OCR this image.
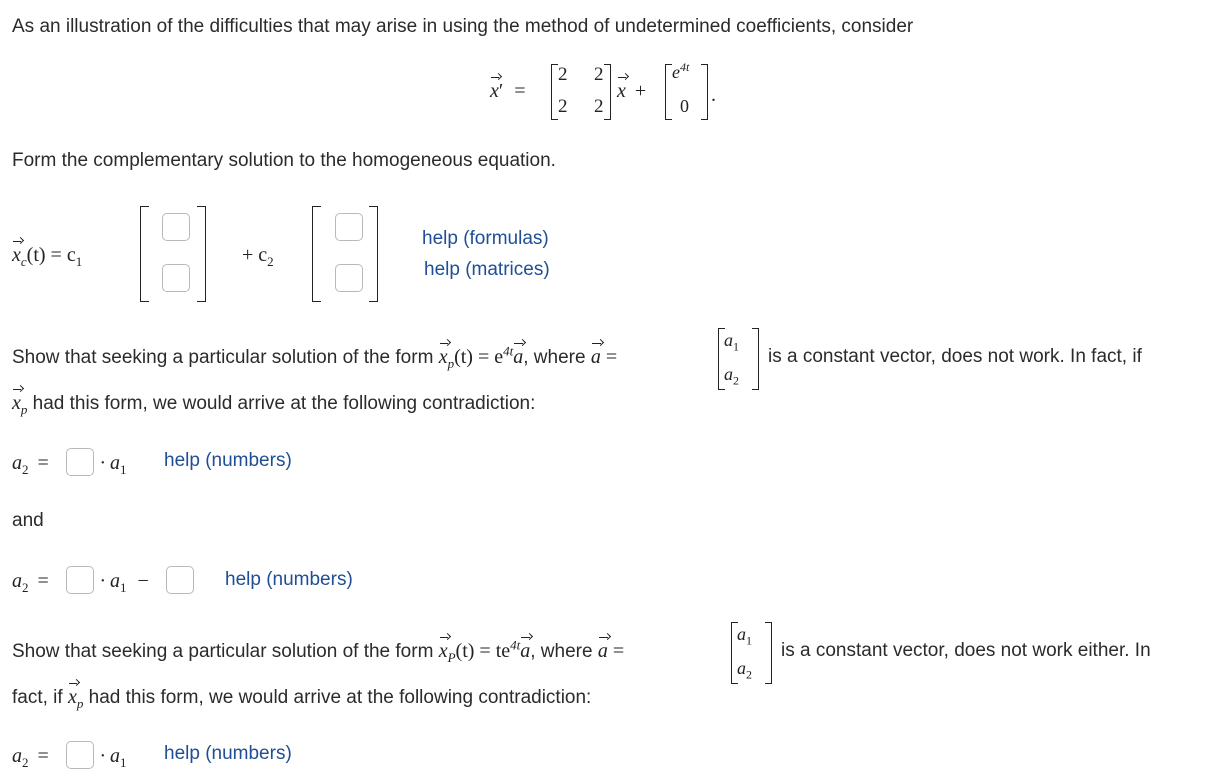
As an illustration of the difficulties that may arise in using the method of undetermined coefficients, consider
x′ =
2 2
2 2
x +
$e^{4t}$
0 .
Form the complementary solution to the homogeneous equation.
$x_c(t) = c_1$	+ $c_2$
help (formulas)
help (matrices)
Show that seeking a particular solution of the form $x_p(t) = e^{4t}a$, where a =
$a_1$
$a_2$
is a constant vector, does not work. In fact, if
$x_p$ had this form, we would arrive at the following contradiction:
$a_2$ =	· $a_1$ help (numbers)
and
$a_2$ =	· $a_1$ −	help (numbers)
Show that seeking a particular solution of the form $x_P(t) = te^{4t}a$, where a =
$a_1$
$a_2$
is a constant vector, does not work either. In
fact, if $x_p$ had this form, we would arrive at the following contradiction:
$a_2$ =	· $a_1$ help (numbers)
